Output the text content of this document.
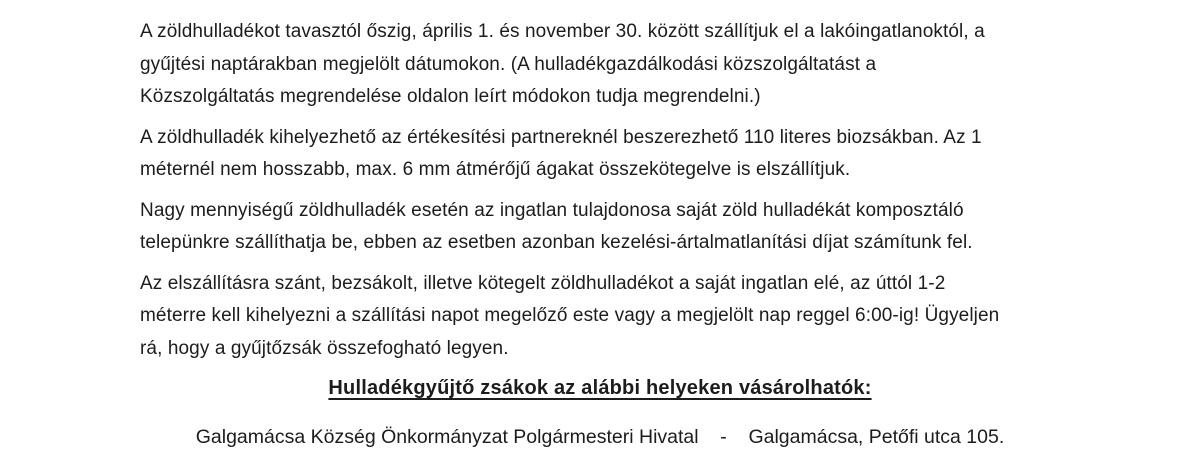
A zöldhulladékot tavasztól őszig, április 1. és november 30. között szállítjuk el a lakóingatlanoktól, a
gyűjtési naptárakban megjelölt dátumokon. (A hulladékgazdálkodási közszolgáltatást a
Közszolgáltatás megrendelése oldalon leírt módokon tudja megrendelni.)
A zöldhulladék kihelyezhető az értékesítési partnereknél beszerezhető 110 literes biozsákban. Az 1
méternél nem hosszabb, max. 6 mm átmérőjű ágakat összekötegelve is elszállítjuk.
Nagy mennyiségű zöldhulladék esetén az ingatlan tulajdonosa saját zöld hulladékát komposztáló
telepünkre szállíthatja be, ebben az esetben azonban kezelési-ártalmatlanítási díjat számítunk fel.
Az elszállításra szánt, bezsákolt, illetve kötegelt zöldhulladékot a saját ingatlan elé, az úttól 1-2
méterre kell kihelyezni a szállítási napot megelőző este vagy a megjelölt nap reggel 6:00-ig! Ügyeljen
rá, hogy a gyűjtőzsák összefogható legyen.
Hulladékgyűjtő zsákok az alábbi helyeken vásárolhatók:
Galgamácsa Község Önkormányzat Polgármesteri Hivatal    -    Galgamácsa, Petőfi utca 105.
